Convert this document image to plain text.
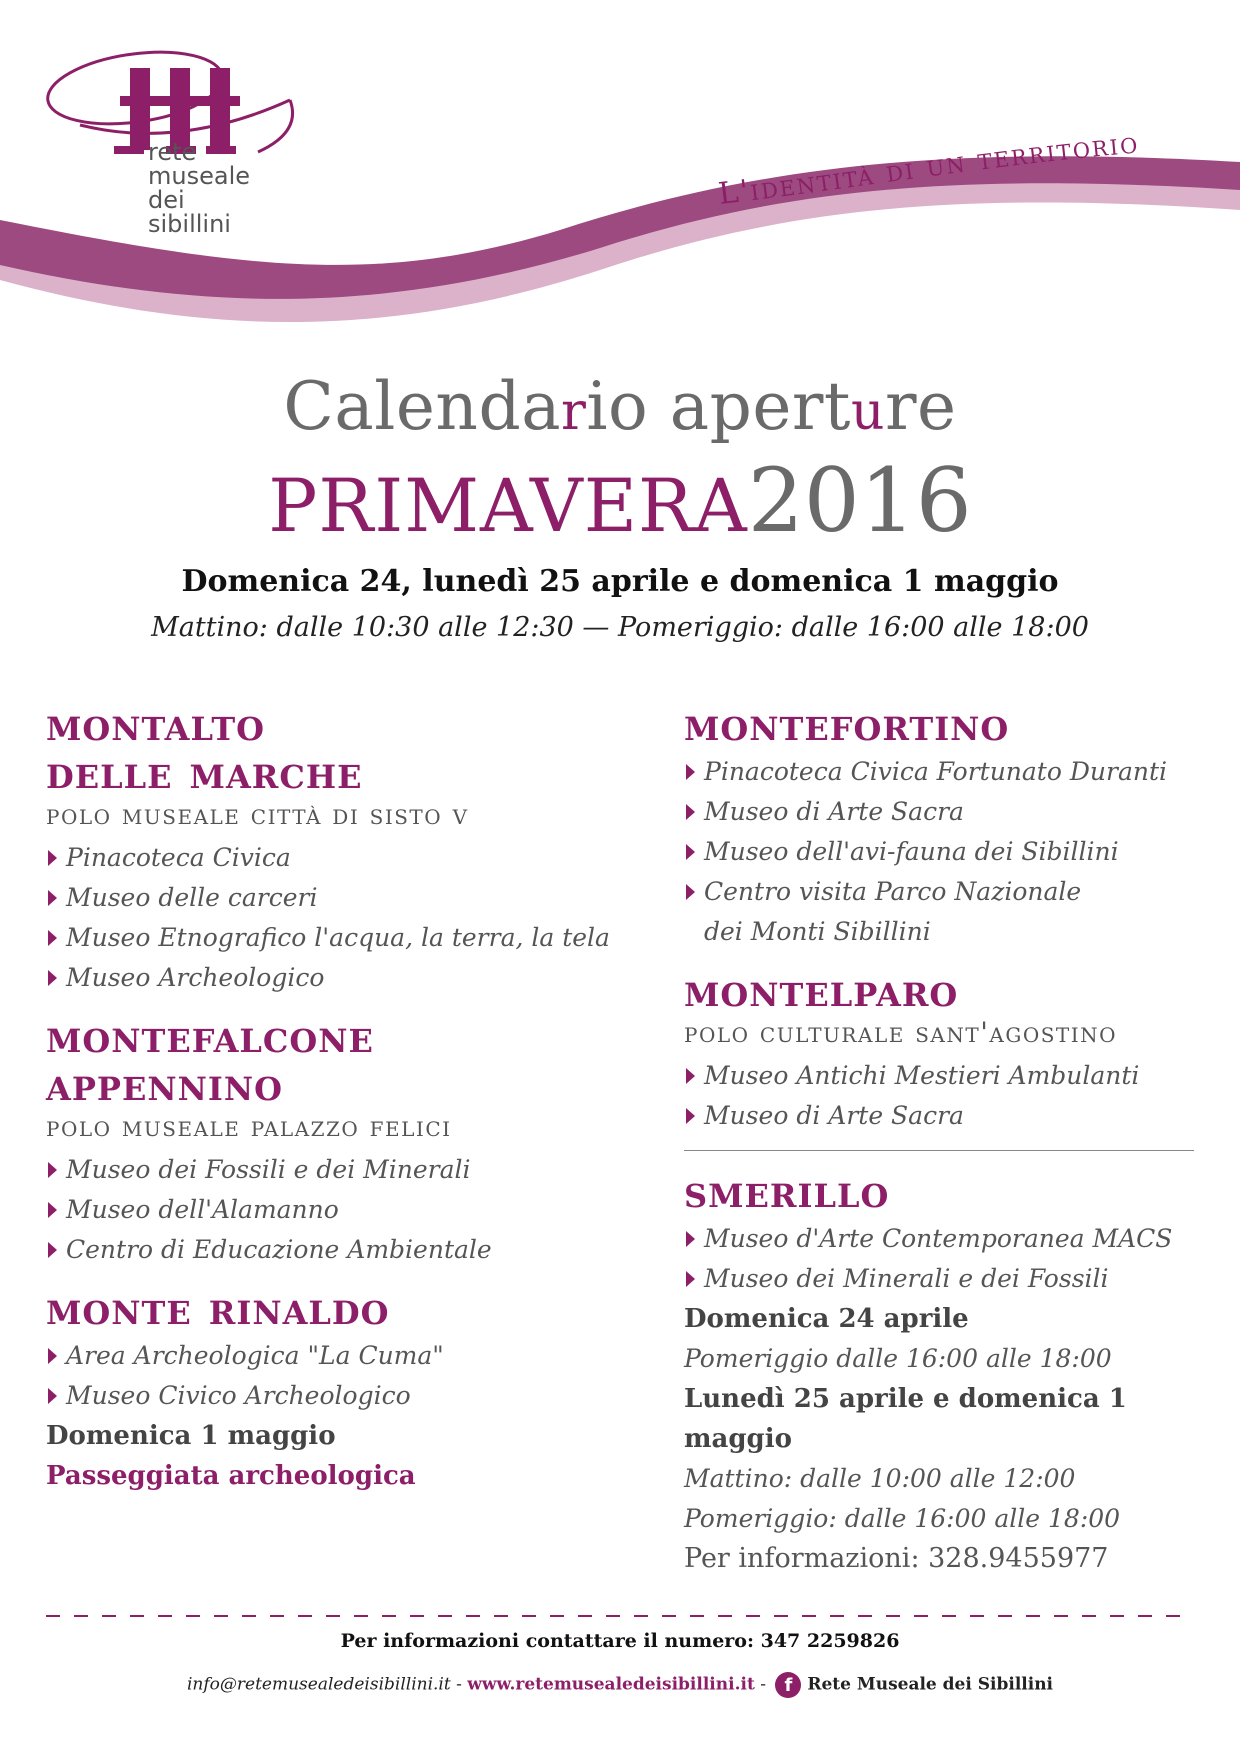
rete
museale
dei
sibillini
L'identità di un territorio
Calendario aperture
primavera2016
Domenica 24, lunedì 25 aprile e domenica 1 maggio
Mattino: dalle 10:30 alle 12:30 — Pomeriggio: dalle 16:00 alle 18:00
montalto
delle marche
polo museale città di sisto v
Pinacoteca Civica
Museo delle carceri
Museo Etnografico l'acqua, la terra, la tela
Museo Archeologico
montefalcone
appennino
polo museale palazzo felici
Museo dei Fossili e dei Minerali
Museo dell'Alamanno
Centro di Educazione Ambientale
monte rinaldo
Area Archeologica "La Cuma"
Museo Civico Archeologico
Domenica 1 maggio
Passeggiata archeologica
montefortino
Pinacoteca Civica Fortunato Duranti
Museo di Arte Sacra
Museo dell'avi-fauna dei Sibillini
Centro visita Parco Nazionale
dei Monti Sibillini
montelparo
polo culturale sant'agostino
Museo Antichi Mestieri Ambulanti
Museo di Arte Sacra
smerillo
Museo d'Arte Contemporanea MACS
Museo dei Minerali e dei Fossili
Domenica 24 aprile
Pomeriggio dalle 16:00 alle 18:00
Lunedì 25 aprile e domenica 1 maggio
Mattino: dalle 10:00 alle 12:00
Pomeriggio: dalle 16:00 alle 18:00
Per informazioni: 328.9455977
Per informazioni contattare il numero: 347 2259826
info@retemusealedeisibillini.it - www.retemusealedeisibillini.it - f Rete Museale dei Sibillini
